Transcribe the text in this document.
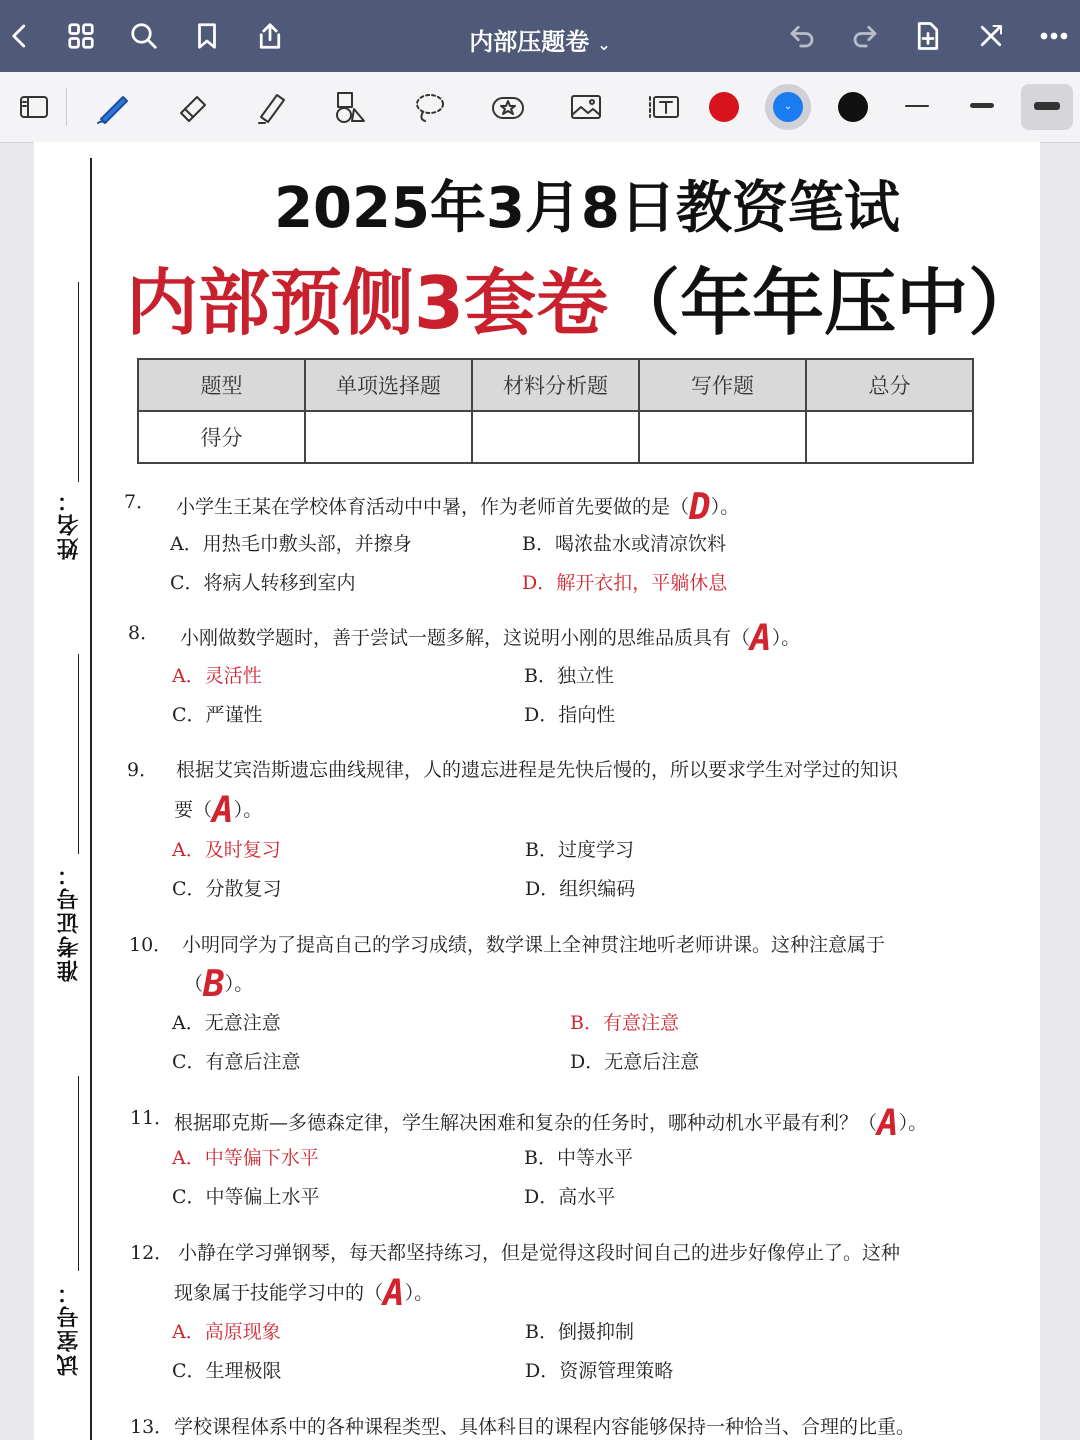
内部压题卷 ⌄
⌄
姓名：
准考证号：
试室号：
2025年3月8日教资笔试
内部预侧3套卷（年年压中）
题型	单项选择题	材料分析题	写作题	总分
得分				
7． 小学生王某在学校体育活动中中暑，作为老师首先要做的是（D）。
A．用热毛巾敷头部，并擦身	B．喝浓盐水或清凉饮料
C．将病人转移到室内	D．解开衣扣，平躺休息
8． 小刚做数学题时，善于尝试一题多解，这说明小刚的思维品质具有（A）。
A．灵活性	B．独立性
C．严谨性	D．指向性
9． 根据艾宾浩斯遗忘曲线规律，人的遗忘进程是先快后慢的，所以要求学生对学过的知识
要（A）。
A．及时复习	B．过度学习
C．分散复习	D．组织编码
10． 小明同学为了提高自己的学习成绩，数学课上全神贯注地听老师讲课。这种注意属于
（B）。
A．无意注意	B．有意注意
C．有意后注意	D．无意后注意
11． 根据耶克斯—多德森定律，学生解决困难和复杂的任务时，哪种动机水平最有利？（A）。
A．中等偏下水平	B．中等水平
C．中等偏上水平	D．高水平
12． 小静在学习弹钢琴，每天都坚持练习，但是觉得这段时间自己的进步好像停止了。这种
现象属于技能学习中的（A）。
A．高原现象	B．倒摄抑制
C．生理极限	D．资源管理策略
13． 学校课程体系中的各种课程类型、具体科目的课程内容能够保持一种恰当、合理的比重。
